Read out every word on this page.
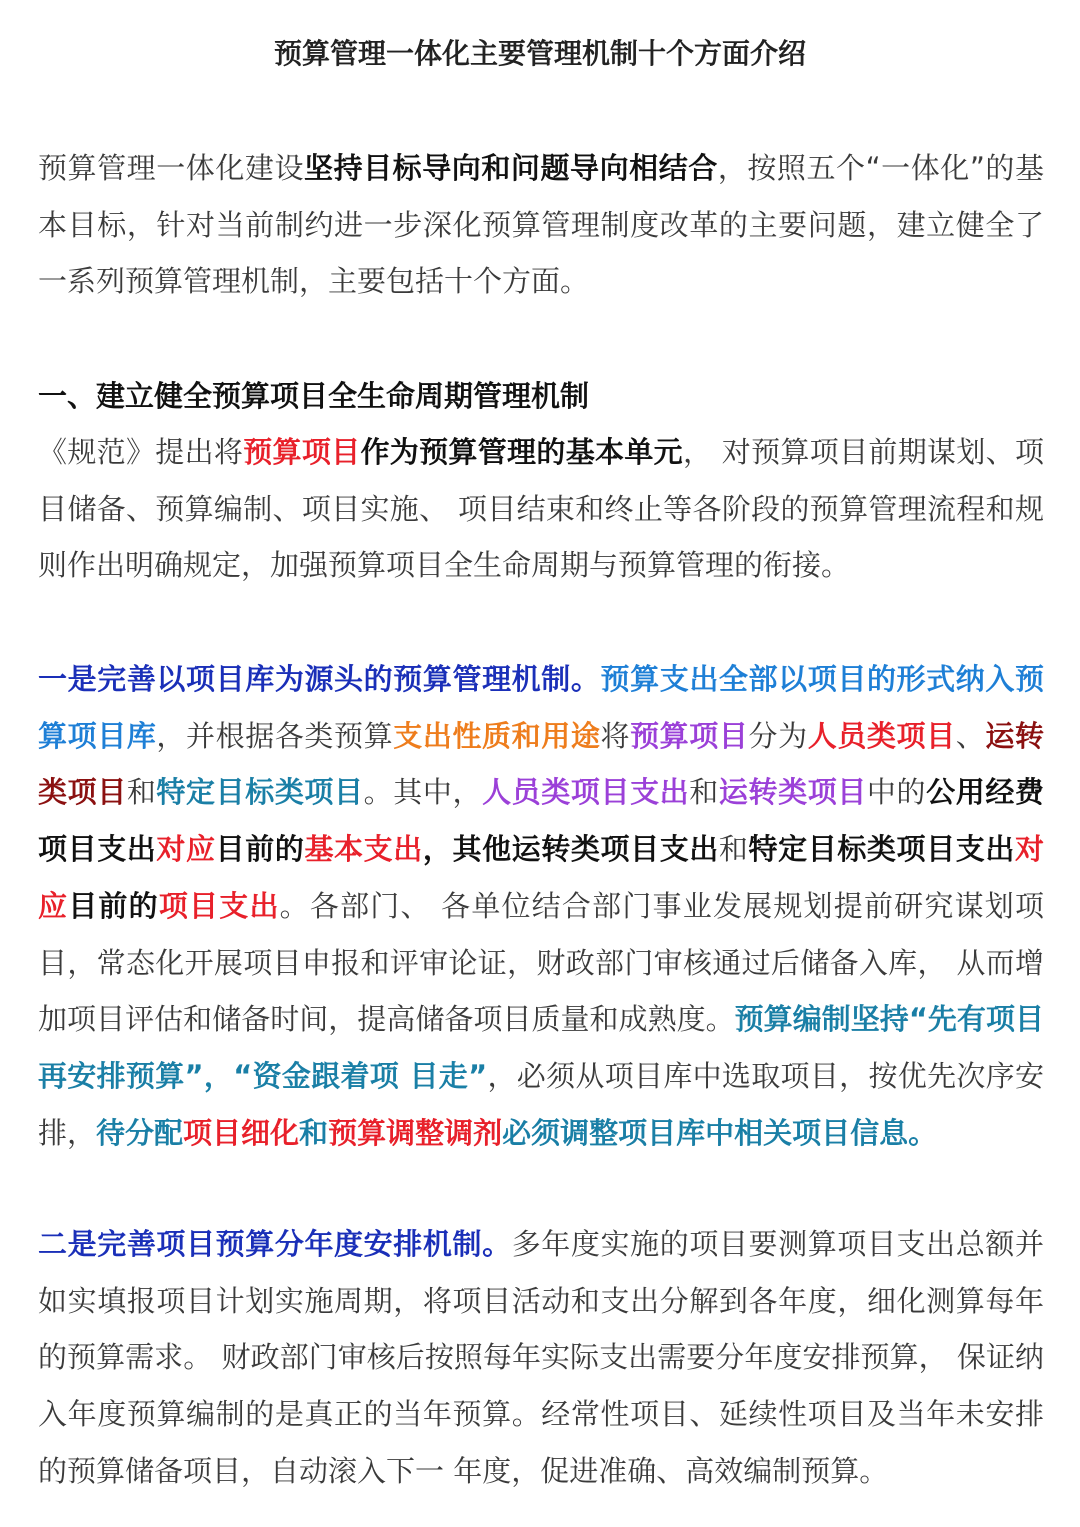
预算管理一体化主要管理机制十个方面介绍

预算管理一体化建设坚持目标导向和问题导向相结合，按照五个“一体化”的基本目标，针对当前制约进一步深化预算管理制度改革的主要问题，建立健全了一系列预算管理机制，主要包括十个方面。

一、建立健全预算项目全生命周期管理机制

《规范》提出将预算项目作为预算管理的基本单元， 对预算项目前期谋划、项目储备、预算编制、项目实施、 项目结束和终止等各阶段的预算管理流程和规则作出明确规定，加强预算项目全生命周期与预算管理的衔接。

一是完善以项目库为源头的预算管理机制。预算支出全部以项目的形式纳入预算项目库，并根据各类预算支出性质和用途将预算项目分为人员类项目、运转类项目和特定目标类项目。其中，人员类项目支出和运转类项目中的公用经费项目支出对应目前的基本支出，其他运转类项目支出和特定目标类项目支出对应目前的项目支出。各部门、 各单位结合部门事业发展规划提前研究谋划项目，常态化开展项目申报和评审论证，财政部门审核通过后储备入库， 从而增加项目评估和储备时间，提高储备项目质量和成熟度。预算编制坚持“先有项目再安排预算”，“资金跟着项 目走”，必须从项目库中选取项目，按优先次序安排，待分配项目细化和预算调整调剂必须调整项目库中相关项目信息。

二是完善项目预算分年度安排机制。多年度实施的项目要测算项目支出总额并如实填报项目计划实施周期，将项目活动和支出分解到各年度，细化测算每年的预算需求。 财政部门审核后按照每年实际支出需要分年度安排预算， 保证纳入年度预算编制的是真正的当年预算。经常性项目、延续性项目及当年未安排的预算储备项目，自动滚入下一 年度，促进准确、高效编制预算。
